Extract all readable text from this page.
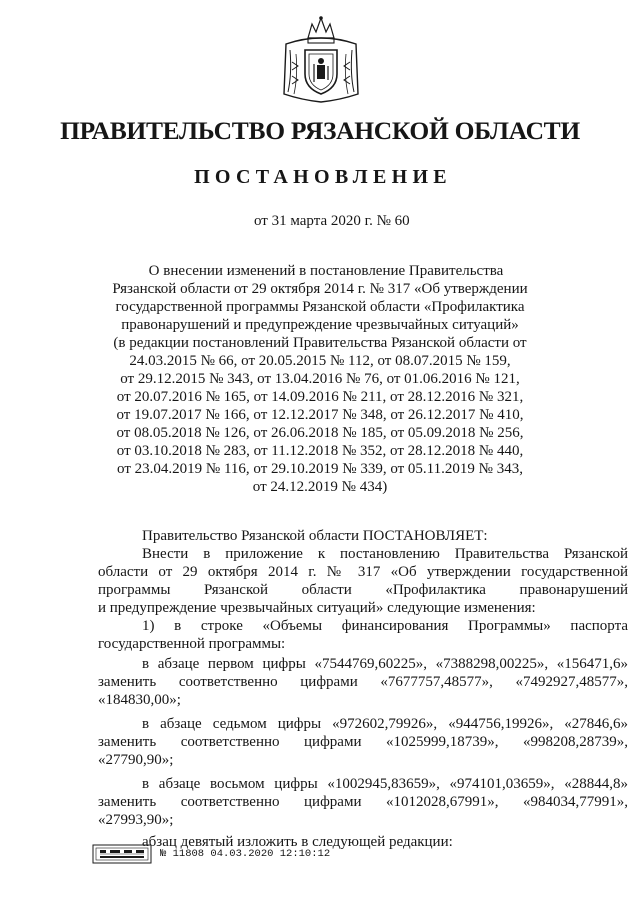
ПРАВИТЕЛЬСТВО РЯЗАНСКОЙ ОБЛАСТИ
ПОСТАНОВЛЕНИЕ
от 31 марта 2020 г. № 60
О внесении изменений в постановление Правительства
Рязанской области от 29 октября 2014 г. № 317 «Об утверждении
государственной программы Рязанской области «Профилактика
правонарушений и предупреждение чрезвычайных ситуаций»
(в редакции постановлений Правительства Рязанской области от
24.03.2015 № 66, от 20.05.2015 № 112, от 08.07.2015 № 159,
от 29.12.2015 № 343, от 13.04.2016 № 76, от 01.06.2016 № 121,
от 20.07.2016 № 165, от 14.09.2016 № 211, от 28.12.2016 № 321,
от 19.07.2017 № 166, от 12.12.2017 № 348, от 26.12.2017 № 410,
от 08.05.2018 № 126, от 26.06.2018 № 185, от 05.09.2018 № 256,
от 03.10.2018 № 283, от 11.12.2018 № 352, от 28.12.2018 № 440,
от 23.04.2019 № 116, от 29.10.2019 № 339, от 05.11.2019 № 343,
от 24.12.2019 № 434)
Правительство Рязанской области ПОСТАНОВЛЯЕТ:
Внести в приложение к постановлению Правительства Рязанской
области от 29 октября 2014 г. № 317 «Об утверждении государственной
программы Рязанской области «Профилактика правонарушений
и предупреждение чрезвычайных ситуаций» следующие изменения:
1) в строке «Объемы финансирования Программы» паспорта
государственной программы:
в абзаце первом цифры «7544769,60225», «7388298,00225», «156471,6»
заменить соответственно цифрами «7677757,48577», «7492927,48577»,
«184830,00»;
в абзаце седьмом цифры «972602,79926», «944756,19926», «27846,6»
заменить соответственно цифрами «1025999,18739», «998208,28739»,
«27790,90»;
в абзаце восьмом цифры «1002945,83659», «974101,03659», «28844,8»
заменить соответственно цифрами «1012028,67991», «984034,77991»,
«27993,90»;
абзац девятый изложить в следующей редакции:
№ 11808 04.03.2020 12:10:12
